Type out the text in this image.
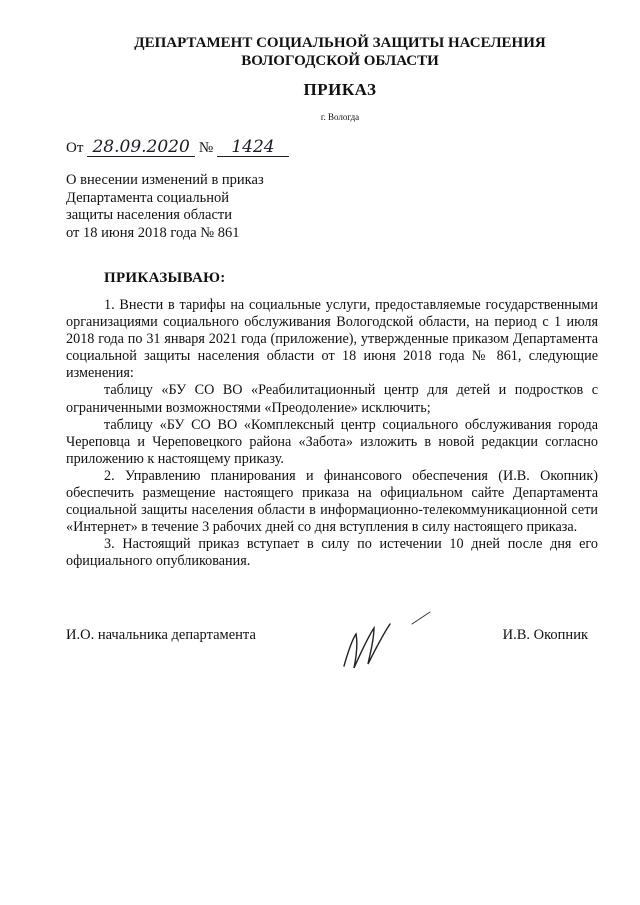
ДЕПАРТАМЕНТ СОЦИАЛЬНОЙ ЗАЩИТЫ НАСЕЛЕНИЯ
ВОЛОГОДСКОЙ ОБЛАСТИ
ПРИКАЗ
г. Вологда
От 28.09.2020 № 1424
О внесении изменений в приказ
Департамента социальной
защиты населения области
от 18 июня 2018 года № 861
ПРИКАЗЫВАЮ:

1. Внести в тарифы на социальные услуги, предоставляемые государственными организациями социального обслуживания Вологодской области, на период с 1 июля 2018 года по 31 января 2021 года (приложение), утвержденные приказом Департамента социальной защиты населения области от 18 июня 2018 года № 861, следующие изменения:

таблицу «БУ СО ВО «Реабилитационный центр для детей и подростков с ограниченными возможностями «Преодоление» исключить;

таблицу «БУ СО ВО «Комплексный центр социального обслуживания города Череповца и Череповецкого района «Забота» изложить в новой редакции согласно приложению к настоящему приказу.

2. Управлению планирования и финансового обеспечения (И.В. Окопник) обеспечить размещение настоящего приказа на официальном сайте Департамента социальной защиты населения области в информационно-телекоммуникационной сети «Интернет» в течение 3 рабочих дней со дня вступления в силу настоящего приказа.

3. Настоящий приказ вступает в силу по истечении 10 дней после дня его официального опубликования.

И.О. начальника департамента	И.В. Окопник
